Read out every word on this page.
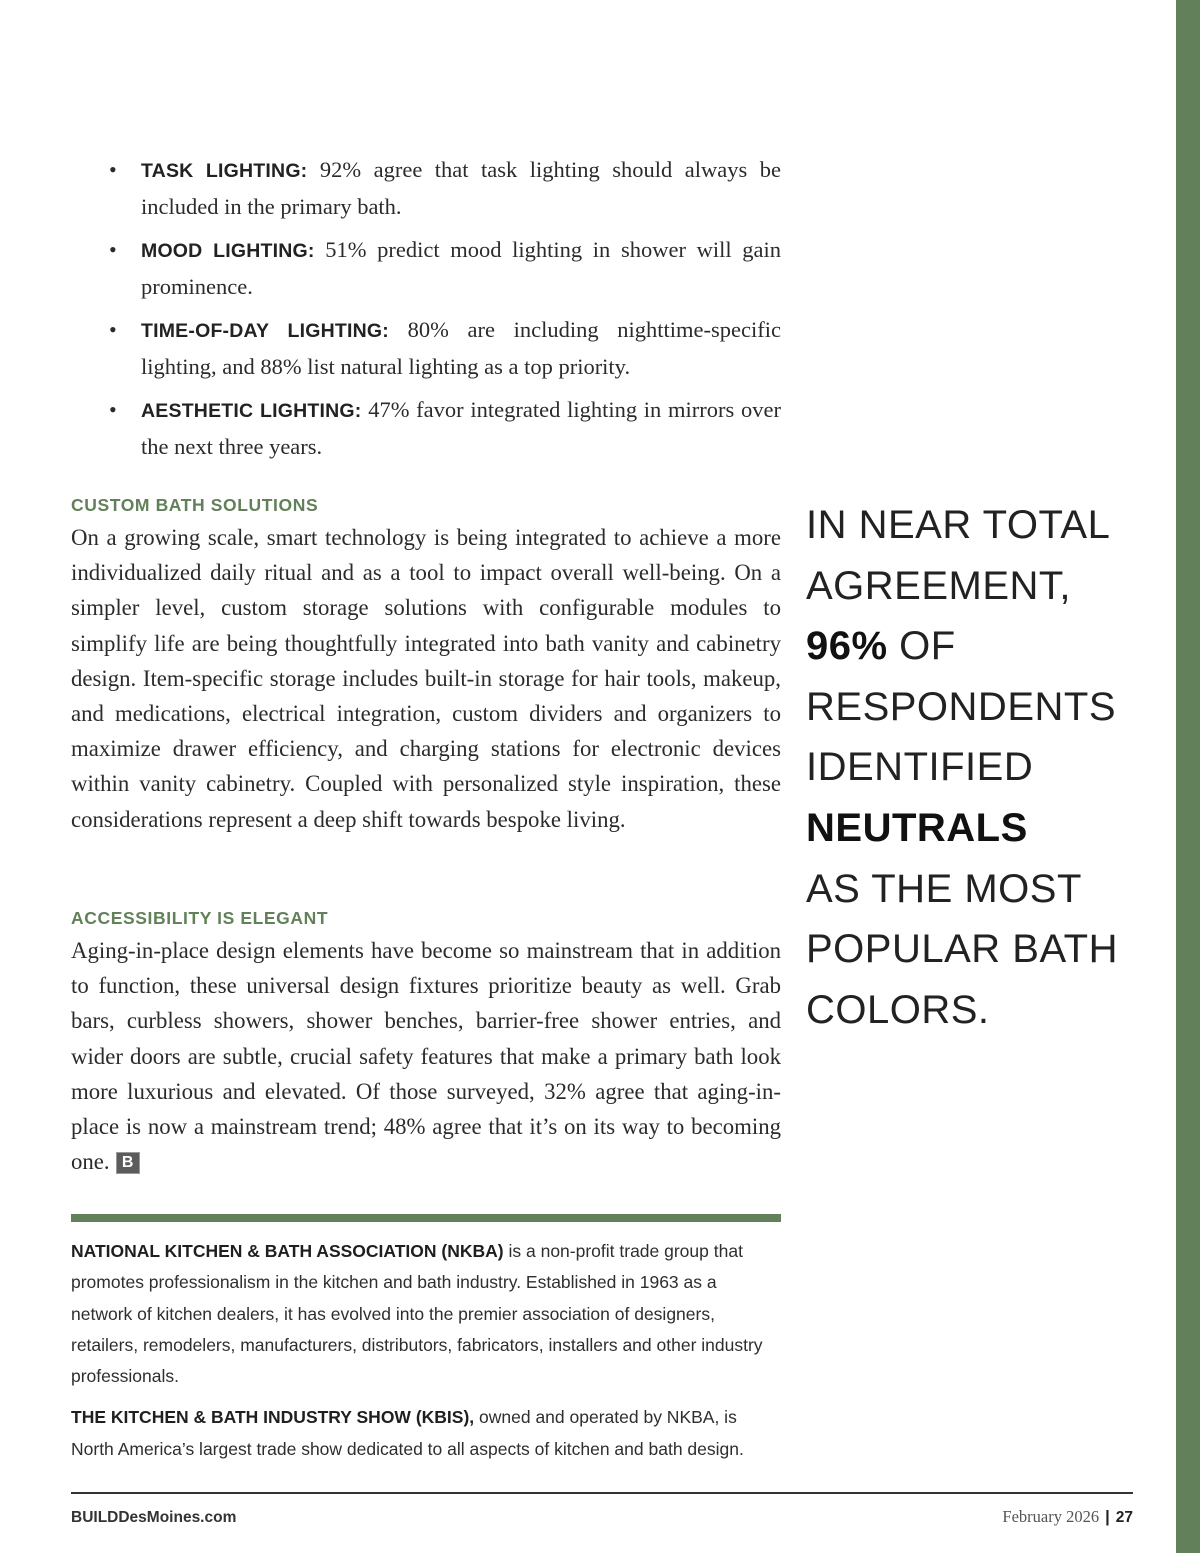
• TASK LIGHTING: 92% agree that task lighting should always be included in the primary bath.
• MOOD LIGHTING: 51% predict mood lighting in shower will gain prominence.
• TIME-OF-DAY LIGHTING: 80% are including nighttime-specific lighting, and 88% list natural lighting as a top priority.
• AESTHETIC LIGHTING: 47% favor integrated lighting in mirrors over the next three years.
CUSTOM BATH SOLUTIONS

On a growing scale, smart technology is being integrated to achieve a more individualized daily ritual and as a tool to impact overall well-being. On a simpler level, custom storage solutions with configurable modules to simplify life are being thoughtfully integrated into bath vanity and cabinetry design. Item-specific storage includes built-in storage for hair tools, makeup, and medications, electrical integration, custom dividers and organizers to maximize drawer efficiency, and charging stations for electronic devices within vanity cabinetry. Coupled with personalized style inspiration, these considerations represent a deep shift towards bespoke living.

ACCESSIBILITY IS ELEGANT

Aging-in-place design elements have become so mainstream that in addition to function, these universal design fixtures prioritize beauty as well. Grab bars, curbless showers, shower benches, barrier-free shower entries, and wider doors are subtle, crucial safety features that make a primary bath look more luxurious and elevated. Of those surveyed, 32% agree that aging-in-place is now a mainstream trend; 48% agree that it’s on its way to becoming one. B

IN NEAR TOTAL
AGREEMENT,
96% OF
RESPONDENTS
IDENTIFIED
NEUTRALS
AS THE MOST
POPULAR BATH
COLORS.

NATIONAL KITCHEN & BATH ASSOCIATION (NKBA) is a non-profit trade group that promotes professionalism in the kitchen and bath industry. Established in 1963 as a network of kitchen dealers, it has evolved into the premier association of designers, retailers, remodelers, manufacturers, distributors, fabricators, installers and other industry professionals.

THE KITCHEN & BATH INDUSTRY SHOW (KBIS), owned and operated by NKBA, is North America’s largest trade show dedicated to all aspects of kitchen and bath design.

BUILDDesMoines.com	February 2026 | 27
